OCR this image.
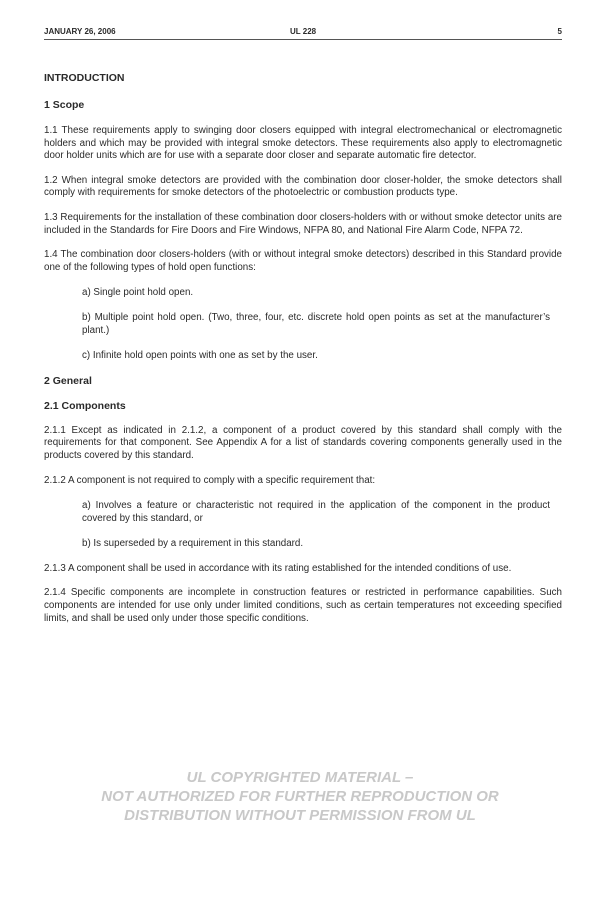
JANUARY 26, 2006	UL 228	5
INTRODUCTION
1 Scope

1.1 These requirements apply to swinging door closers equipped with integral electromechanical or electromagnetic holders and which may be provided with integral smoke detectors. These requirements also apply to electromagnetic door holder units which are for use with a separate door closer and separate automatic fire detector.

1.2 When integral smoke detectors are provided with the combination door closer-holder, the smoke detectors shall comply with requirements for smoke detectors of the photoelectric or combustion products type.

1.3 Requirements for the installation of these combination door closers-holders with or without smoke detector units are included in the Standards for Fire Doors and Fire Windows, NFPA 80, and National Fire Alarm Code, NFPA 72.

1.4 The combination door closers-holders (with or without integral smoke detectors) described in this Standard provide one of the following types of hold open functions:

a) Single point hold open.

b) Multiple point hold open. (Two, three, four, etc. discrete hold open points as set at the manufacturer’s plant.)

c) Infinite hold open points with one as set by the user.

2 General
2.1 Components

2.1.1 Except as indicated in 2.1.2, a component of a product covered by this standard shall comply with the requirements for that component. See Appendix A for a list of standards covering components generally used in the products covered by this standard.

2.1.2 A component is not required to comply with a specific requirement that:

a) Involves a feature or characteristic not required in the application of the component in the product covered by this standard, or

b) Is superseded by a requirement in this standard.

2.1.3 A component shall be used in accordance with its rating established for the intended conditions of use.

2.1.4 Specific components are incomplete in construction features or restricted in performance capabilities. Such components are intended for use only under limited conditions, such as certain temperatures not exceeding specified limits, and shall be used only under those specific conditions.

UL COPYRIGHTED MATERIAL –
NOT AUTHORIZED FOR FURTHER REPRODUCTION OR
DISTRIBUTION WITHOUT PERMISSION FROM UL
